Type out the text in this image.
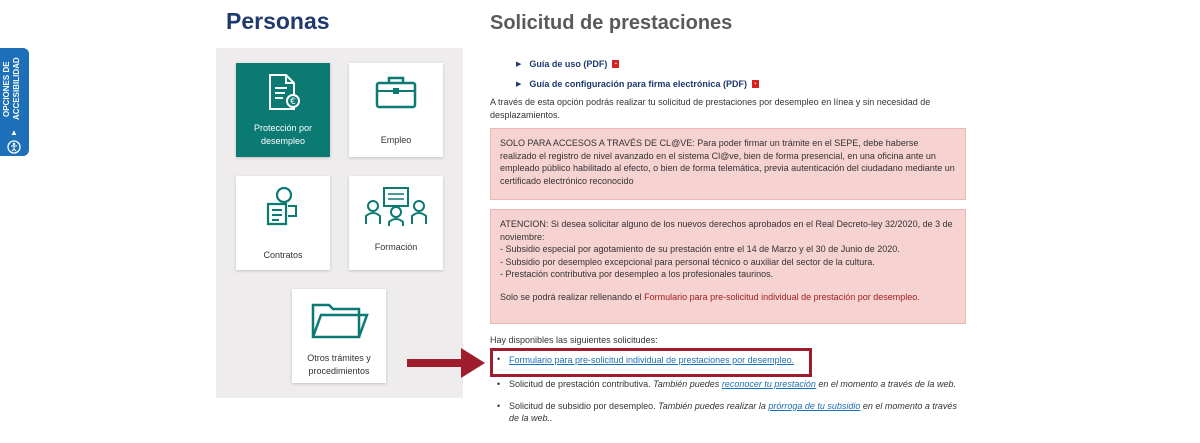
OPCIONES DE
ACCESIBILIDAD
▲
Personas
€
Protección por desempleo	Empleo
Contratos
Formación
Otros trámites y procedimientos
Solicitud de prestaciones
▶ Guía de uso (PDF)	▪
▶ Guía de configuración para firma electrónica (PDF)	▪
A través de esta opción podrás realizar tu solicitud de prestaciones por desempleo en línea y sin necesidad de desplazamientos.

SOLO PARA ACCESOS A TRAVÉS DE CL@VE: Para poder firmar un trámite en el SEPE, debe haberse realizado el registro de nivel avanzado en el sistema Cl@ve, bien de forma presencial, en una oficina ante un empleado público habilitado al efecto, o bien de forma telemática, previa autenticación del ciudadano mediante un certificado electrónico reconocido

ATENCION: Si desea solicitar alguno de los nuevos derechos aprobados en el Real Decreto-ley 32/2020, de 3 de noviembre:

- Subsidio especial por agotamiento de su prestación entre el 14 de Marzo y el 30 de Junio de 2020.

- Subsidio por desempleo excepcional para personal técnico o auxiliar del sector de la cultura.

- Prestación contributiva por desempleo a los profesionales taurinos.

Solo se podrá realizar rellenando el Formulario para pre-solicitud individual de prestación por desempleo.

Hay disponibles las siguientes solicitudes:
• Formulario para pre-solicitud individual de prestaciones por desempleo.
• Solicitud de prestación contributiva. También puedes reconocer tu prestación en el momento a través de la web.
• Solicitud de subsidio por desempleo. También puedes realizar la prórroga de tu subsidio en el momento a través de la web..
